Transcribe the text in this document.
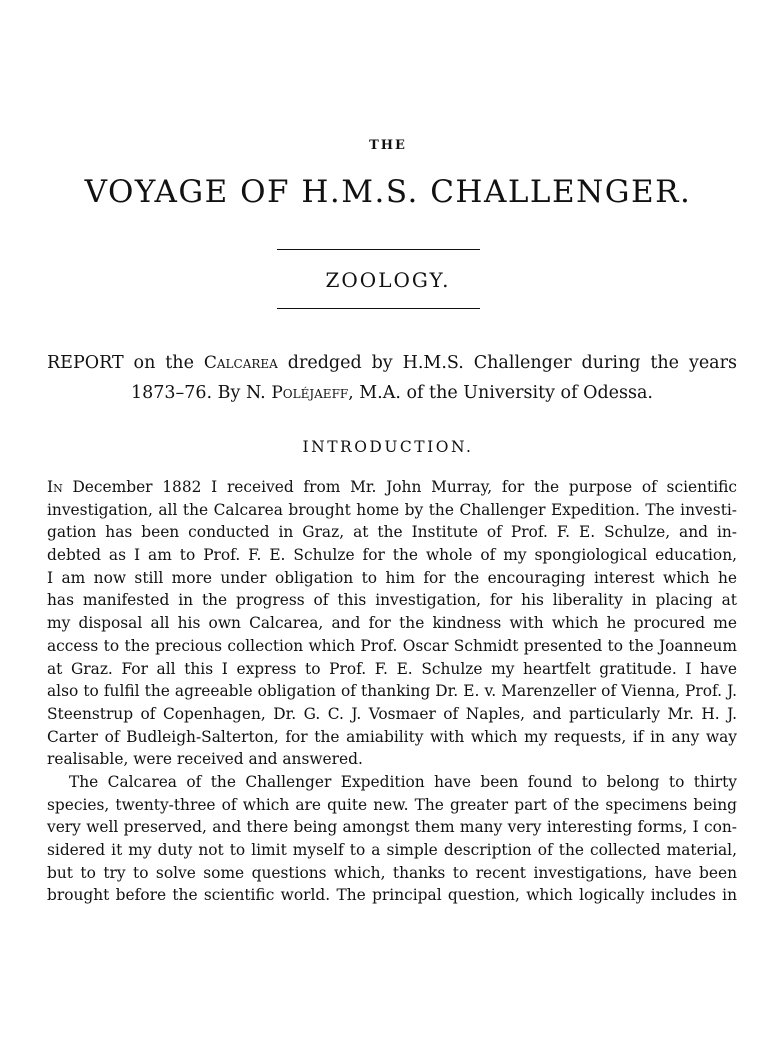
THE
VOYAGE OF H.M.S. CHALLENGER.
ZOOLOGY.
REPORT on the Calcarea dredged by H.M.S. Challenger during the years
1873–76. By N. Poléjaeff, M.A. of the University of Odessa.
INTRODUCTION.
In December 1882 I received from Mr. John Murray, for the purpose of scientific
investigation, all the Calcarea brought home by the Challenger Expedition. The investi-
gation has been conducted in Graz, at the Institute of Prof. F. E. Schulze, and in-
debted as I am to Prof. F. E. Schulze for the whole of my spongiological education,
I am now still more under obligation to him for the encouraging interest which he
has manifested in the progress of this investigation, for his liberality in placing at
my disposal all his own Calcarea, and for the kindness with which he procured me
access to the precious collection which Prof. Oscar Schmidt presented to the Joanneum
at Graz. For all this I express to Prof. F. E. Schulze my heartfelt gratitude. I have
also to fulfil the agreeable obligation of thanking Dr. E. v. Marenzeller of Vienna, Prof. J.
Steenstrup of Copenhagen, Dr. G. C. J. Vosmaer of Naples, and particularly Mr. H. J.
Carter of Budleigh-Salterton, for the amiability with which my requests, if in any way
realisable, were received and answered.
The Calcarea of the Challenger Expedition have been found to belong to thirty
species, twenty-three of which are quite new. The greater part of the specimens being
very well preserved, and there being amongst them many very interesting forms, I con-
sidered it my duty not to limit myself to a simple description of the collected material,
but to try to solve some questions which, thanks to recent investigations, have been
brought before the scientific world. The principal question, which logically includes in
